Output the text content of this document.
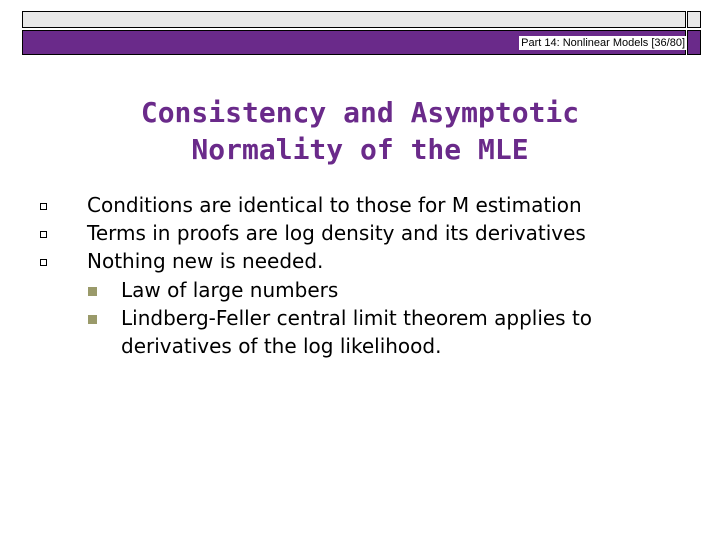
Part 14: Nonlinear Models [36/80]
Consistency and Asymptotic
Normality of the MLE
Conditions are identical to those for M estimation
Terms in proofs are log density and its derivatives
Nothing new is needed.
Law of large numbers
Lindberg-Feller central limit theorem applies to
derivatives of the log likelihood.
